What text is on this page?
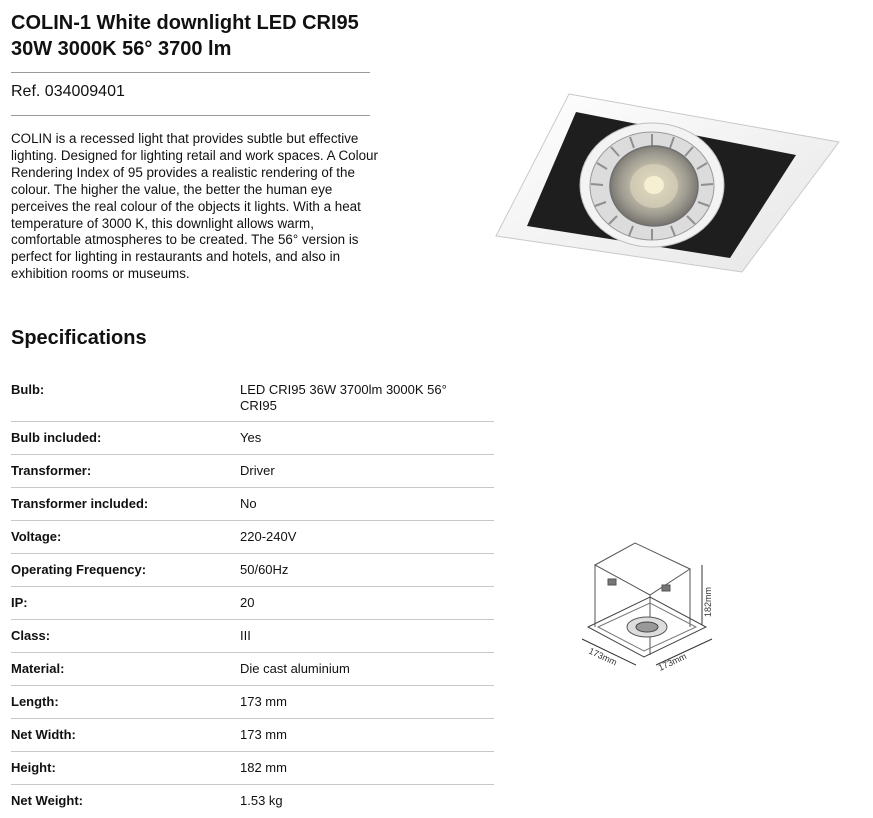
COLIN-1 White downlight LED CRI95 30W 3000K 56° 3700 lm
Ref. 034009401

COLIN is a recessed light that provides subtle but effective lighting. Designed for lighting retail and work spaces. A Colour Rendering Index of 95 provides a realistic rendering of the colour. The higher the value, the better the human eye perceives the real colour of the objects it lights. With a heat temperature of 3000 K, this downlight allows warm, comfortable atmospheres to be created. The 56° version is perfect for lighting in restaurants and hotels, and also in exhibition rooms or museums.

Specifications
Bulb:	LED CRI95 36W 3700lm 3000K 56° CRI95
Bulb included:	Yes
Transformer:	Driver
Transformer included:	No
Voltage:	220-240V
Operating Frequency:	50/60Hz
IP:	20
Class:	III
Material:	Die cast aluminium
Length:	173 mm
Net Width:	173 mm
Height:	182 mm
Net Weight:	1.53 kg
182mm
173mm	173mm
